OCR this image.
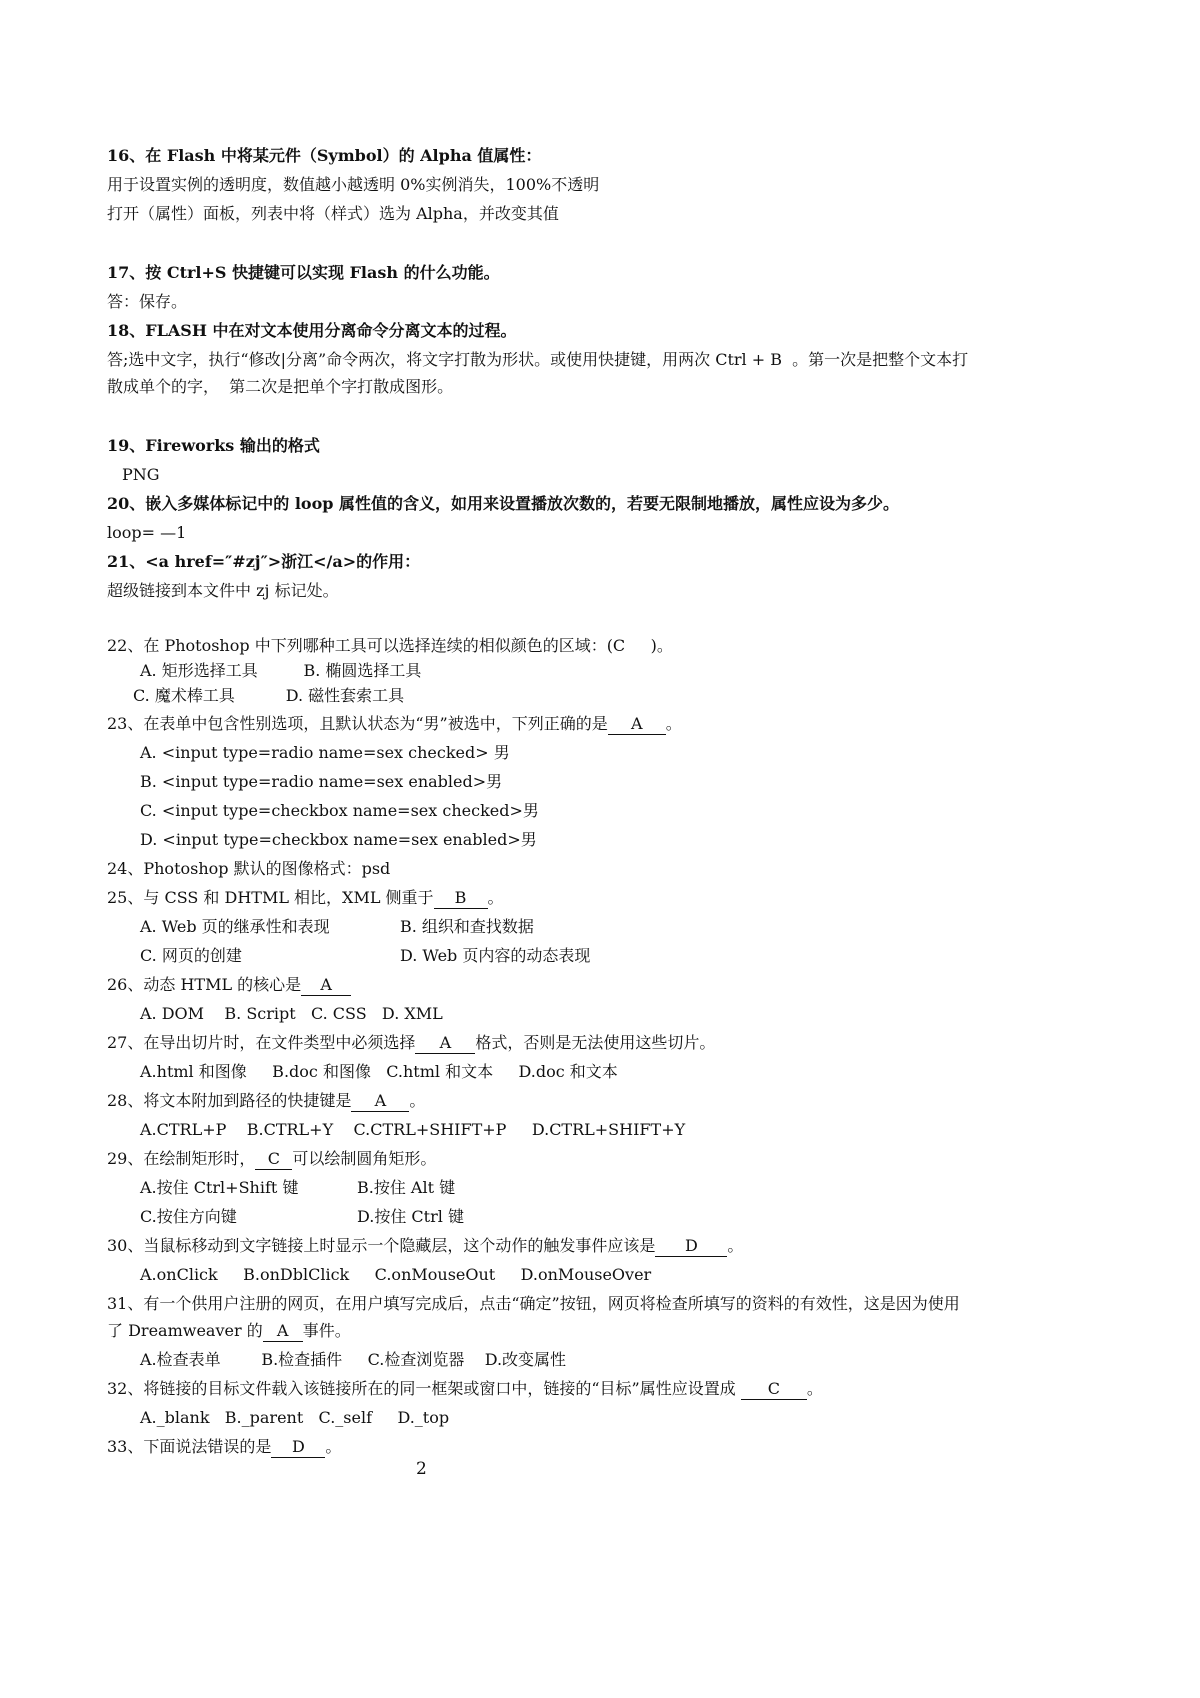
16、在 Flash 中将某元件（Symbol）的 Alpha 值属性：
用于设置实例的透明度，数值越小越透明 0%实例消失，100%不透明
打开（属性）面板，列表中将（样式）选为 Alpha，并改变其值
17、按 Ctrl+S 快捷键可以实现 Flash 的什么功能。
答：保存。
18、FLASH 中在对文本使用分离命令分离文本的过程。
答;选中文字，执行“修改|分离”命令两次，将文字打散为形状。或使用快捷键，用两次 Ctrl + B  。第一次是把整个文本打
散成单个的字，  第二次是把单个字打散成图形。
19、Fireworks 输出的格式
PNG
20、嵌入多媒体标记中的 loop 属性值的含义，如用来设置播放次数的，若要无限制地播放，属性应设为多少。
loop= —1
21、<a href=″#zj″>浙江</a>的作用：
超级链接到本文件中 zj 标记处。
22、在 Photoshop 中下列哪种工具可以选择连续的相似颜色的区域：(C     )。
A. 矩形选择工具         B. 椭圆选择工具
C. 魔术棒工具          D. 磁性套索工具
23、在表单中包含性别选项，且默认状态为“男”被选中，下列正确的是 A 。
A. <input type=radio name=sex checked> 男
B. <input type=radio name=sex enabled>男
C. <input type=checkbox name=sex checked>男
D. <input type=checkbox name=sex enabled>男
24、Photoshop 默认的图像格式：psd
25、与 CSS 和 DHTML 相比，XML 侧重于 B 。
A. Web 页的继承性和表现	B. 组织和查找数据
C. 网页的创建	D. Web 页内容的动态表现
26、动态 HTML 的核心是 A
A. DOM    B. Script   C. CSS   D. XML
27、在导出切片时，在文件类型中必须选择 A 格式，否则是无法使用这些切片。
A.html 和图像     B.doc 和图像   C.html 和文本     D.doc 和文本
28、将文本附加到路径的快捷键是 A 。
A.CTRL+P    B.CTRL+Y    C.CTRL+SHIFT+P     D.CTRL+SHIFT+Y
29、在绘制矩形时， C 可以绘制圆角矩形。
A.按住 Ctrl+Shift 键	B.按住 Alt 键
C.按住方向键	D.按住 Ctrl 键
30、当鼠标移动到文字链接上时显示一个隐藏层，这个动作的触发事件应该是 D 。
A.onClick     B.onDblClick     C.onMouseOut     D.onMouseOver
31、有一个供用户注册的网页，在用户填写完成后，点击“确定”按钮，网页将检查所填写的资料的有效性，这是因为使用
了 Dreamweaver 的 A 事件。
A.检查表单        B.检查插件     C.检查浏览器    D.改变属性
32、将链接的目标文件载入该链接所在的同一框架或窗口中，链接的“目标”属性应设置成 C 。
A._blank   B._parent   C._self     D._top
33、下面说法错误的是 D 。
2
